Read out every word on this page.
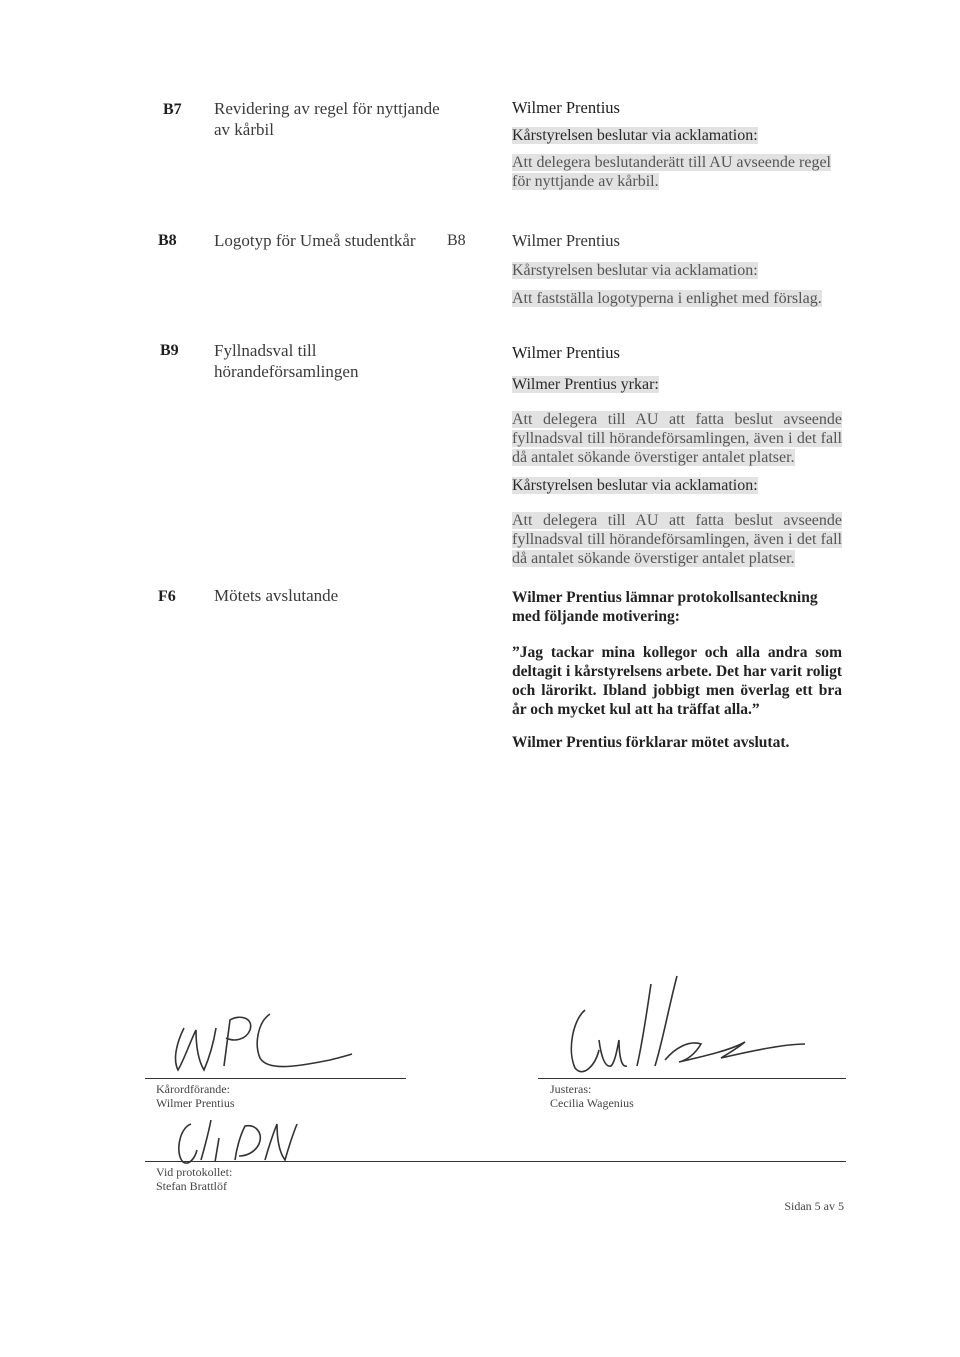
B7 Revidering av regel för nyttjande
av kårbil
Wilmer Prentius
Kårstyrelsen beslutar via acklamation:
Att delegera beslutanderätt till AU avseende regel för nyttjande av kårbil.
B8 Logotyp för Umeå studentkår B8	Wilmer Prentius
Kårstyrelsen beslutar via acklamation:
Att fastställa logotyperna i enlighet med förslag.
B9 Fyllnadsval till
hörandeförsamlingen
Wilmer Prentius
Wilmer Prentius yrkar:
Att delegera till AU att fatta beslut avseende fyllnadsval till hörandeförsamlingen, även i det fall då antalet sökande överstiger antalet platser.
Kårstyrelsen beslutar via acklamation:
Att delegera till AU att fatta beslut avseende fyllnadsval till hörandeförsamlingen, även i det fall då antalet sökande överstiger antalet platser.
F6 Mötets avslutande	Wilmer Prentius lämnar protokollsanteckning med följande motivering:
”Jag tackar mina kollegor och alla andra som deltagit i kårstyrelsens arbete. Det har varit roligt och lärorikt. Ibland jobbigt men överlag ett bra år och mycket kul att ha träffat alla.”
Wilmer Prentius förklarar mötet avslutat.
Kårordförande:
Wilmer Prentius
Justeras:
Cecilia Wagenius
Vid protokollet:
Stefan Brattlöf
Sidan 5 av 5
